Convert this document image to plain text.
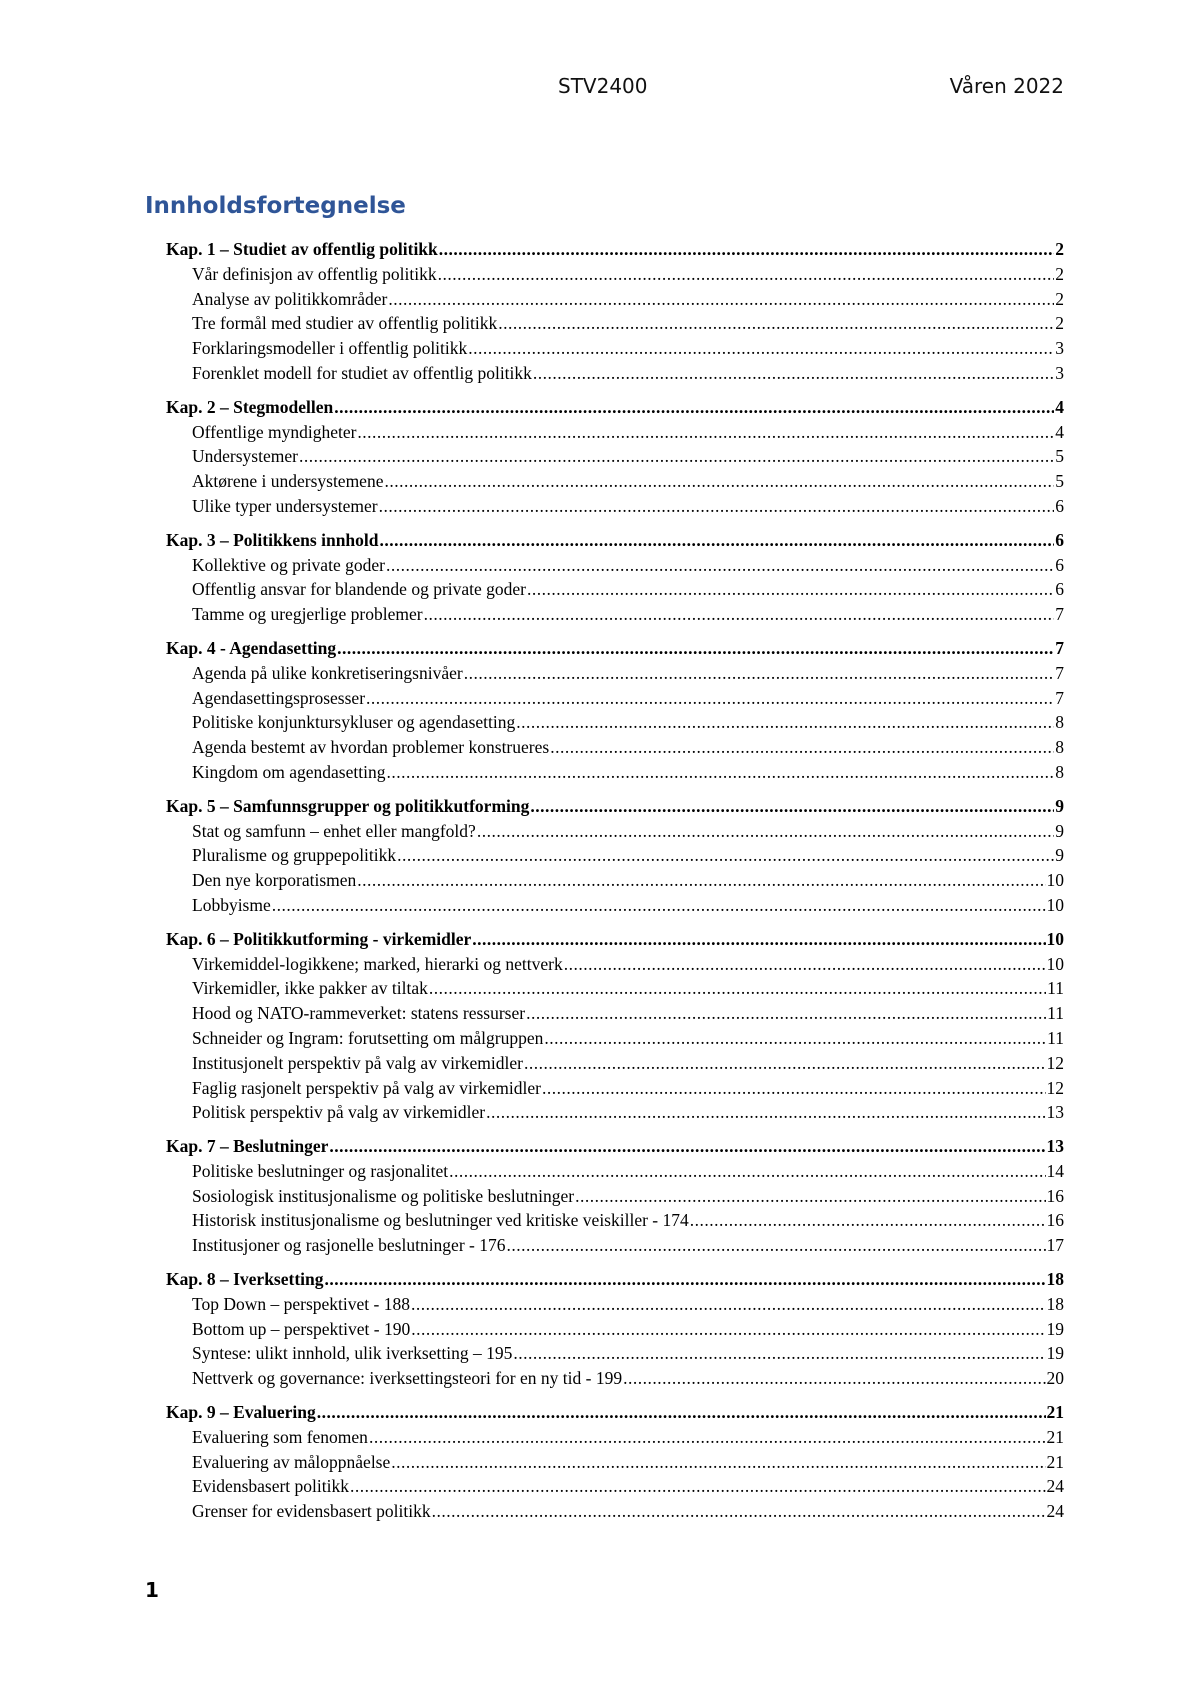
STV2400	Våren 2022
Innholdsfortegnelse
Kap. 1 – Studiet av offentlig politikk .....	2
Vår definisjon av offentlig politikk .....	2
Analyse av politikkområder .....	2
Tre formål med studier av offentlig politikk .....	2
Forklaringsmodeller i offentlig politikk .....	3
Forenklet modell for studiet av offentlig politikk .....	3
Kap. 2 – Stegmodellen .....	4
Offentlige myndigheter .....	4
Undersystemer .....	5
Aktørene i undersystemene .....	5
Ulike typer undersystemer .....	6
Kap. 3 – Politikkens innhold .....	6
Kollektive og private goder .....	6
Offentlig ansvar for blandende og private goder .....	6
Tamme og uregjerlige problemer .....	7
Kap. 4 - Agendasetting .....	7
Agenda på ulike konkretiseringsnivåer .....	7
Agendasettingsprosesser .....	7
Politiske konjunktursykluser og agendasetting .....	8
Agenda bestemt av hvordan problemer konstrueres .....	8
Kingdom om agendasetting .....	8
Kap. 5 – Samfunnsgrupper og politikkutforming .....	9
Stat og samfunn – enhet eller mangfold? .....	9
Pluralisme og gruppepolitikk .....	9
Den nye korporatismen .....	10
Lobbyisme .....	10
Kap. 6 – Politikkutforming - virkemidler .....	10
Virkemiddel-logikkene; marked, hierarki og nettverk .....	10
Virkemidler, ikke pakker av tiltak .....	11
Hood og NATO-rammeverket: statens ressurser .....	11
Schneider og Ingram: forutsetting om målgruppen .....	11
Institusjonelt perspektiv på valg av virkemidler .....	12
Faglig rasjonelt perspektiv på valg av virkemidler .....	12
Politisk perspektiv på valg av virkemidler .....	13
Kap. 7 – Beslutninger .....	13
Politiske beslutninger og rasjonalitet .....	14
Sosiologisk institusjonalisme og politiske beslutninger .....	16
Historisk institusjonalisme og beslutninger ved kritiske veiskiller - 174 .....	16
Institusjoner og rasjonelle beslutninger - 176 .....	17
Kap. 8 – Iverksetting .....	18
Top Down – perspektivet - 188 .....	18
Bottom up – perspektivet - 190 .....	19
Syntese: ulikt innhold, ulik iverksetting – 195 .....	19
Nettverk og governance: iverksettingsteori for en ny tid - 199 .....	20
Kap. 9 – Evaluering .....	21
Evaluering som fenomen .....	21
Evaluering av måloppnåelse .....	21
Evidensbasert politikk .....	24
Grenser for evidensbasert politikk .....	24
1
